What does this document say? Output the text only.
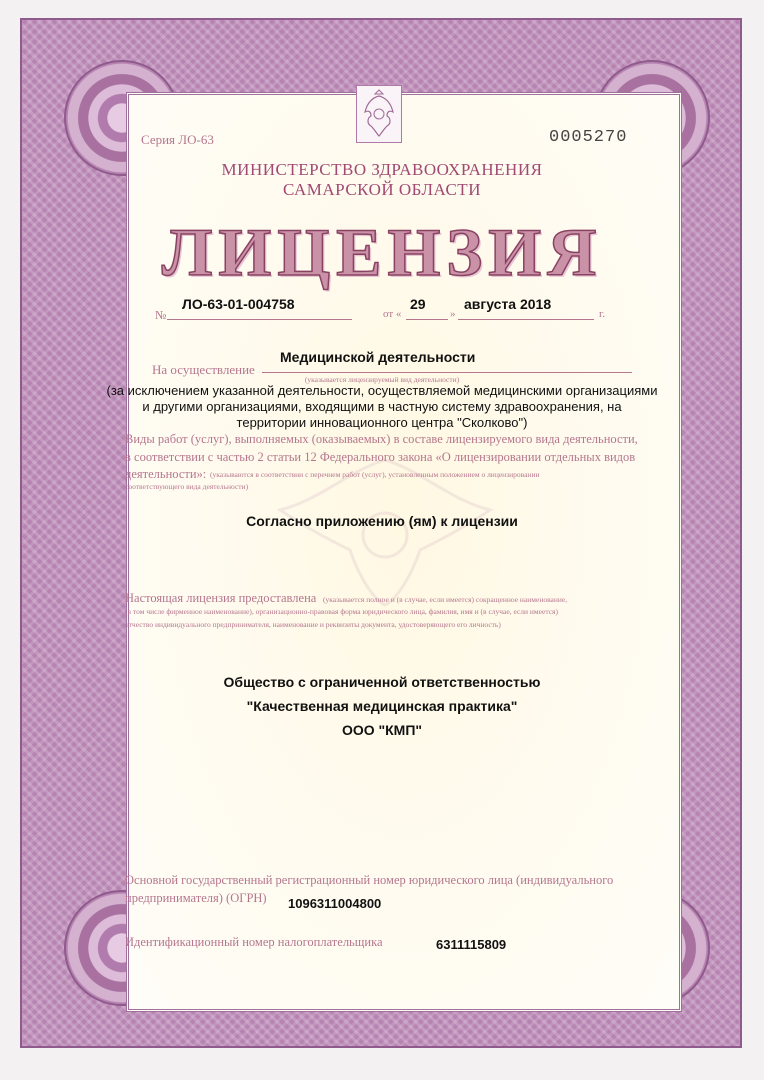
Серия ЛО-63	0005270
МИНИСТЕРСТВО ЗДРАВООХРАНЕНИЯ
САМАРСКОЙ ОБЛАСТИ
ЛИЦЕНЗИЯ
№
ЛО-63-01-004758
от «
29
»
августа 2018
г.
На осуществление
Медицинской деятельности
(указывается лицензируемый вид деятельности)
(за исключением указанной деятельности, осуществляемой медицинскими организациями
и другими организациями, входящими в частную систему здравоохранения, на
территории инновационного центра "Сколково")
Виды работ (услуг), выполняемых (оказываемых) в составе лицензируемого вида деятельности,
в соответствии с частью 2 статьи 12 Федерального закона «О лицензировании отдельных видов
деятельности»: (указываются в соответствии с перечнем работ (услуг), установленным положением о лицензировании
соответствующего вида деятельности)
Согласно приложению (ям) к лицензии
Настоящая лицензия предоставлена (указывается полное и (в случае, если имеется) сокращенное наименование,
(в том числе фирменное наименование), организационно-правовая форма юридического лица, фамилия, имя и (в случае, если имеется)
отчество индивидуального предпринимателя, наименование и реквизиты документа, удостоверяющего его личность)
Общество с ограниченной ответственностью
"Качественная медицинская практика"
ООО "КМП"
Основной государственный регистрационный номер юридического лица (индивидуального
предпринимателя) (ОГРН) 1096311004800
Идентификационный номер налогоплательщика	6311115809
